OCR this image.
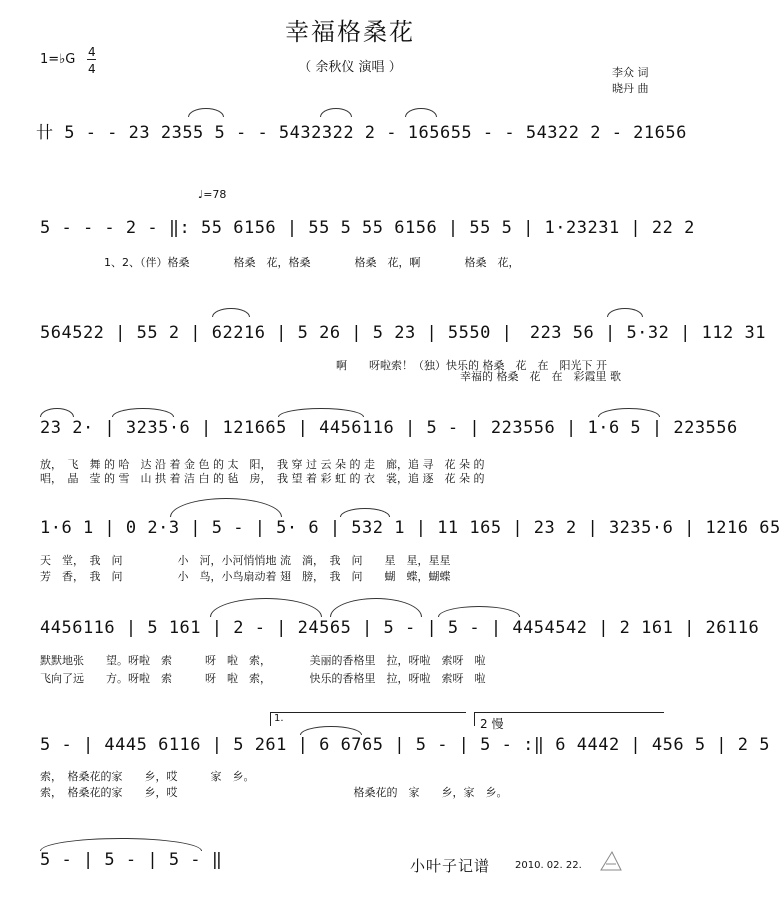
幸福格桑花
（ 余秋仪 演唱 ）
1=♭G 4
4	李众 词
晓丹 曲
♩=78
卄 5 - - 23 2355 5 - - 5432322 2 - 165655 - - 54322 2 - 21656
5 - - - 2 - ‖: 55 6156 | 55 5 55 6156 | 55 5 | 1·23231 | 22 2
1、2、（伴）格桑　　　　格桑　花，格桑　　　　格桑　花，啊　　　　格桑　花，
564522 | 55 2 | 62216 | 5 26 | 5 23 | 5550 |　223 56 | 5·32 | 112 31
啊　　呀啦索！（独）快乐的 格桑　花　在　阳光下 开
幸福的 格桑　花　在　彩霞里 歌
23 2· | 3235·6 | 121665 | 4456116 | 5 - | 223556 | 1·6 5 | 223556
放，　飞　舞 的 哈　达 沿 着 金 色 的 太　阳，　我 穿 过 云 朵 的 走　廊，追 寻　花 朵 的
唱，　晶　莹 的 雪　山 拱 着 洁 白 的 毡　房，　我 望 着 彩 虹 的 衣　裳，追 逐　花 朵 的
1·6 1 | 0 2·3 | 5 - | 5· 6 | 532 1 | 11 165 | 23 2 | 3235·6 | 1216 65
天　堂，　我　问　　　　　小　河，小河悄悄地 流　淌，　我　问　　星　星，星星
芳　香，　我　问　　　　　小　鸟，小鸟扇动着 翅　膀，　我　问　　蝴　蝶，蝴蝶
4456116 | 5 161 | 2 - | 24565 | 5 - | 5 - | 4454542 | 2 161 | 26116
默默地张　　望。呀啦　索　　　呀　啦　索，　　　　美丽的香格里　拉，呀啦　索呀　啦
飞向了远　　方。呀啦　索　　　呀　啦　索，　　　　快乐的香格里　拉，呀啦　索呀　啦
1.	2 慢
5 - | 4445 6116 | 5 261 | 6 6765 | 5 - | 5 - :‖ 6 4442 | 456 5 | 2 5
索，　格桑花的家　　乡，哎　　　家　乡。
索，　格桑花的家　　乡，哎　　　　　　　　　　　　　　　　格桑花的　家　　乡，家　乡。
5 - | 5 - | 5 - ‖	小叶子记谱 2010. 02. 22.
